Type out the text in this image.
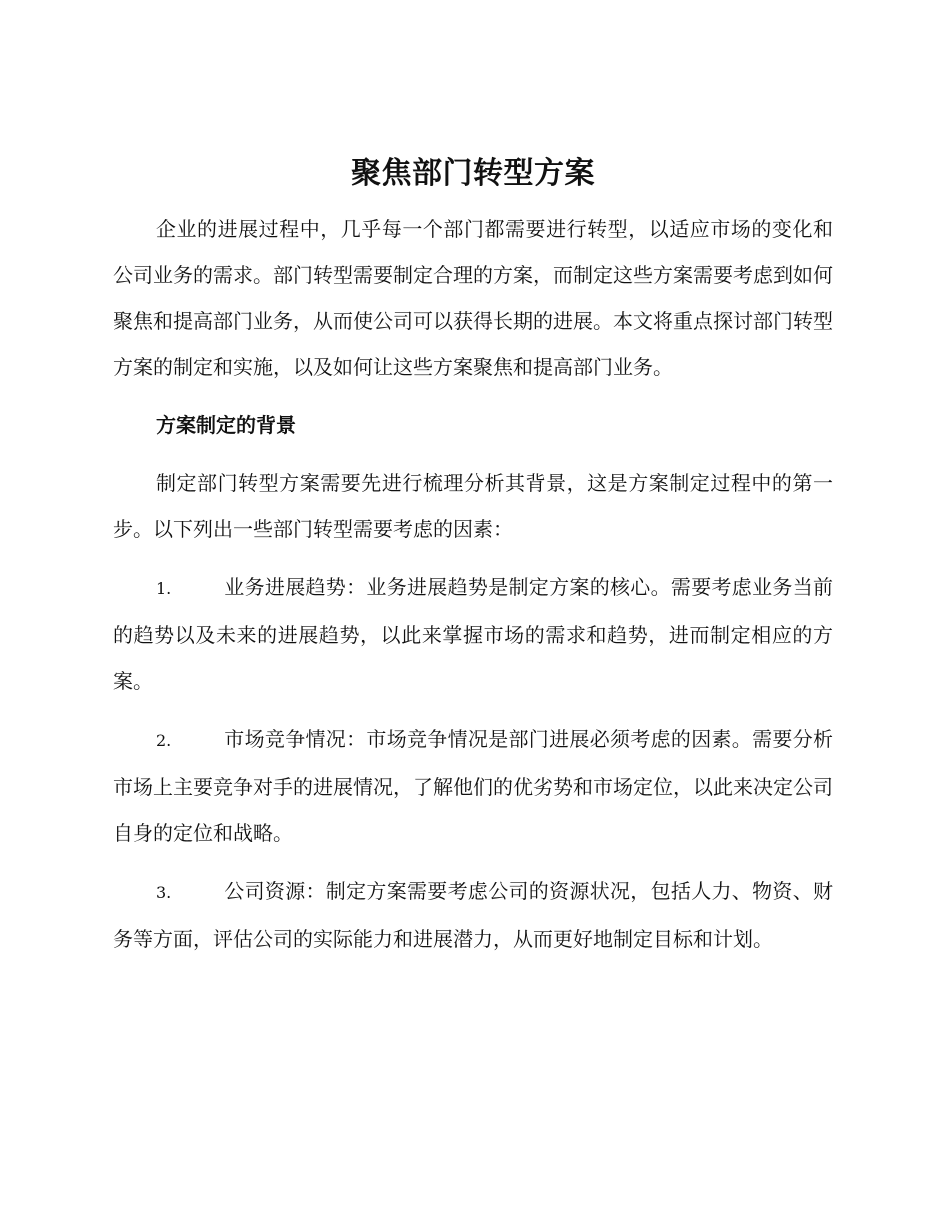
聚焦部门转型方案

企业的进展过程中，几乎每一个部门都需要进行转型，以适应市场的变化和公司业务的需求。部门转型需要制定合理的方案，而制定这些方案需要考虑到如何聚焦和提高部门业务，从而使公司可以获得长期的进展。本文将重点探讨部门转型方案的制定和实施，以及如何让这些方案聚焦和提高部门业务。

方案制定的背景

制定部门转型方案需要先进行梳理分析其背景，这是方案制定过程中的第一步。以下列出一些部门转型需要考虑的因素：

1.	业务进展趋势：业务进展趋势是制定方案的核心。需要考虑业务当前的趋势以及未来的进展趋势，以此来掌握市场的需求和趋势，进而制定相应的方案。

2.	市场竞争情况：市场竞争情况是部门进展必须考虑的因素。需要分析市场上主要竞争对手的进展情况，了解他们的优劣势和市场定位，以此来决定公司自身的定位和战略。

3.	公司资源：制定方案需要考虑公司的资源状况，包括人力、物资、财务等方面，评估公司的实际能力和进展潜力，从而更好地制定目标和计划。
